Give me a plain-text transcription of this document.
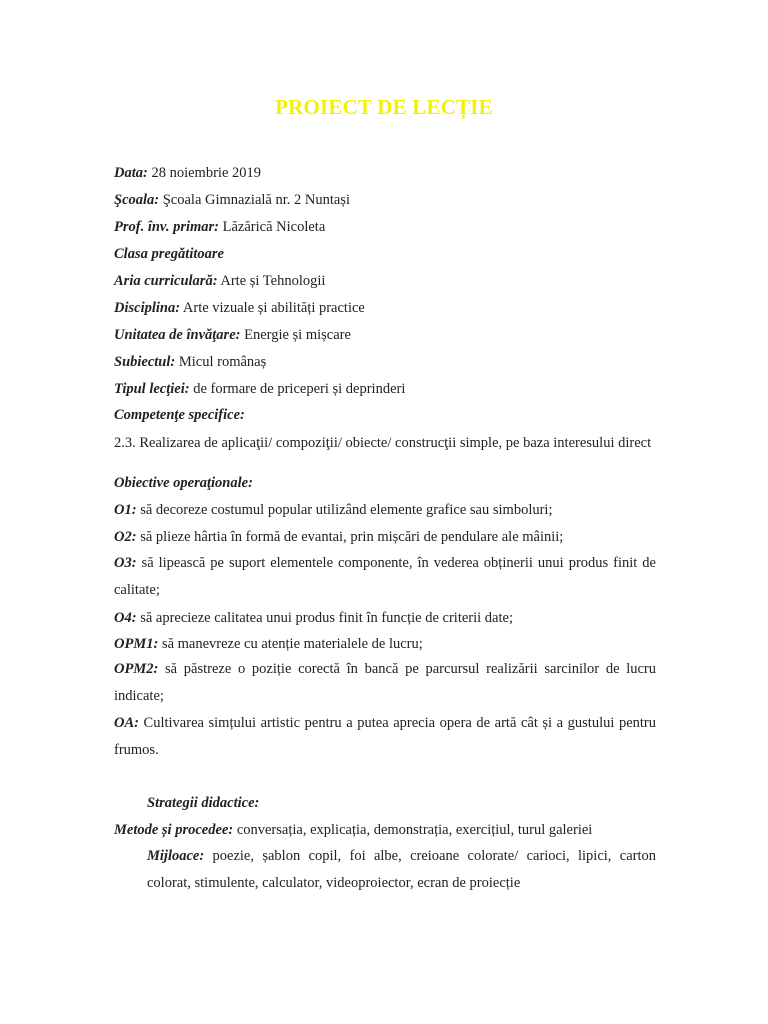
PROIECT DE LECȚIE
Data: 28 noiembrie 2019
Şcoala: Şcoala Gimnazială nr. 2 Nuntași
Prof. înv. primar: Lăzărică Nicoleta
Clasa pregătitoare
Aria curriculară: Arte și Tehnologii
Disciplina: Arte vizuale și abilități practice
Unitatea de învăţare: Energie și mișcare
Subiectul: Micul românaș
Tipul lecţiei: de formare de priceperi și deprinderi
Competenţe specifice:
2.3. Realizarea de aplicaţii/ compoziţii/ obiecte/ construcţii simple, pe baza interesului direct
Obiective operaţionale:
O1: să decoreze costumul popular utilizând elemente grafice sau simboluri;
O2: să plieze hârtia în formă de evantai, prin mișcări de pendulare ale mâinii;
O3: să lipească pe suport elementele componente, în vederea obținerii unui produs finit de calitate;
O4: să aprecieze calitatea unui produs finit în funcție de criterii date;
OPM1: să manevreze cu atenție materialele de lucru;
OPM2: să păstreze o poziție corectă în bancă pe parcursul realizării sarcinilor de lucru indicate;
OA: Cultivarea simțului artistic pentru a putea aprecia opera de artă cât și a gustului pentru frumos.
Strategii didactice:
Metode și procedee: conversația, explicația, demonstrația, exercițiul, turul galeriei
Mijloace: poezie, șablon copil, foi albe, creioane colorate/ carioci, lipici, carton colorat, stimulente, calculator, videoproiector, ecran de proiecție
